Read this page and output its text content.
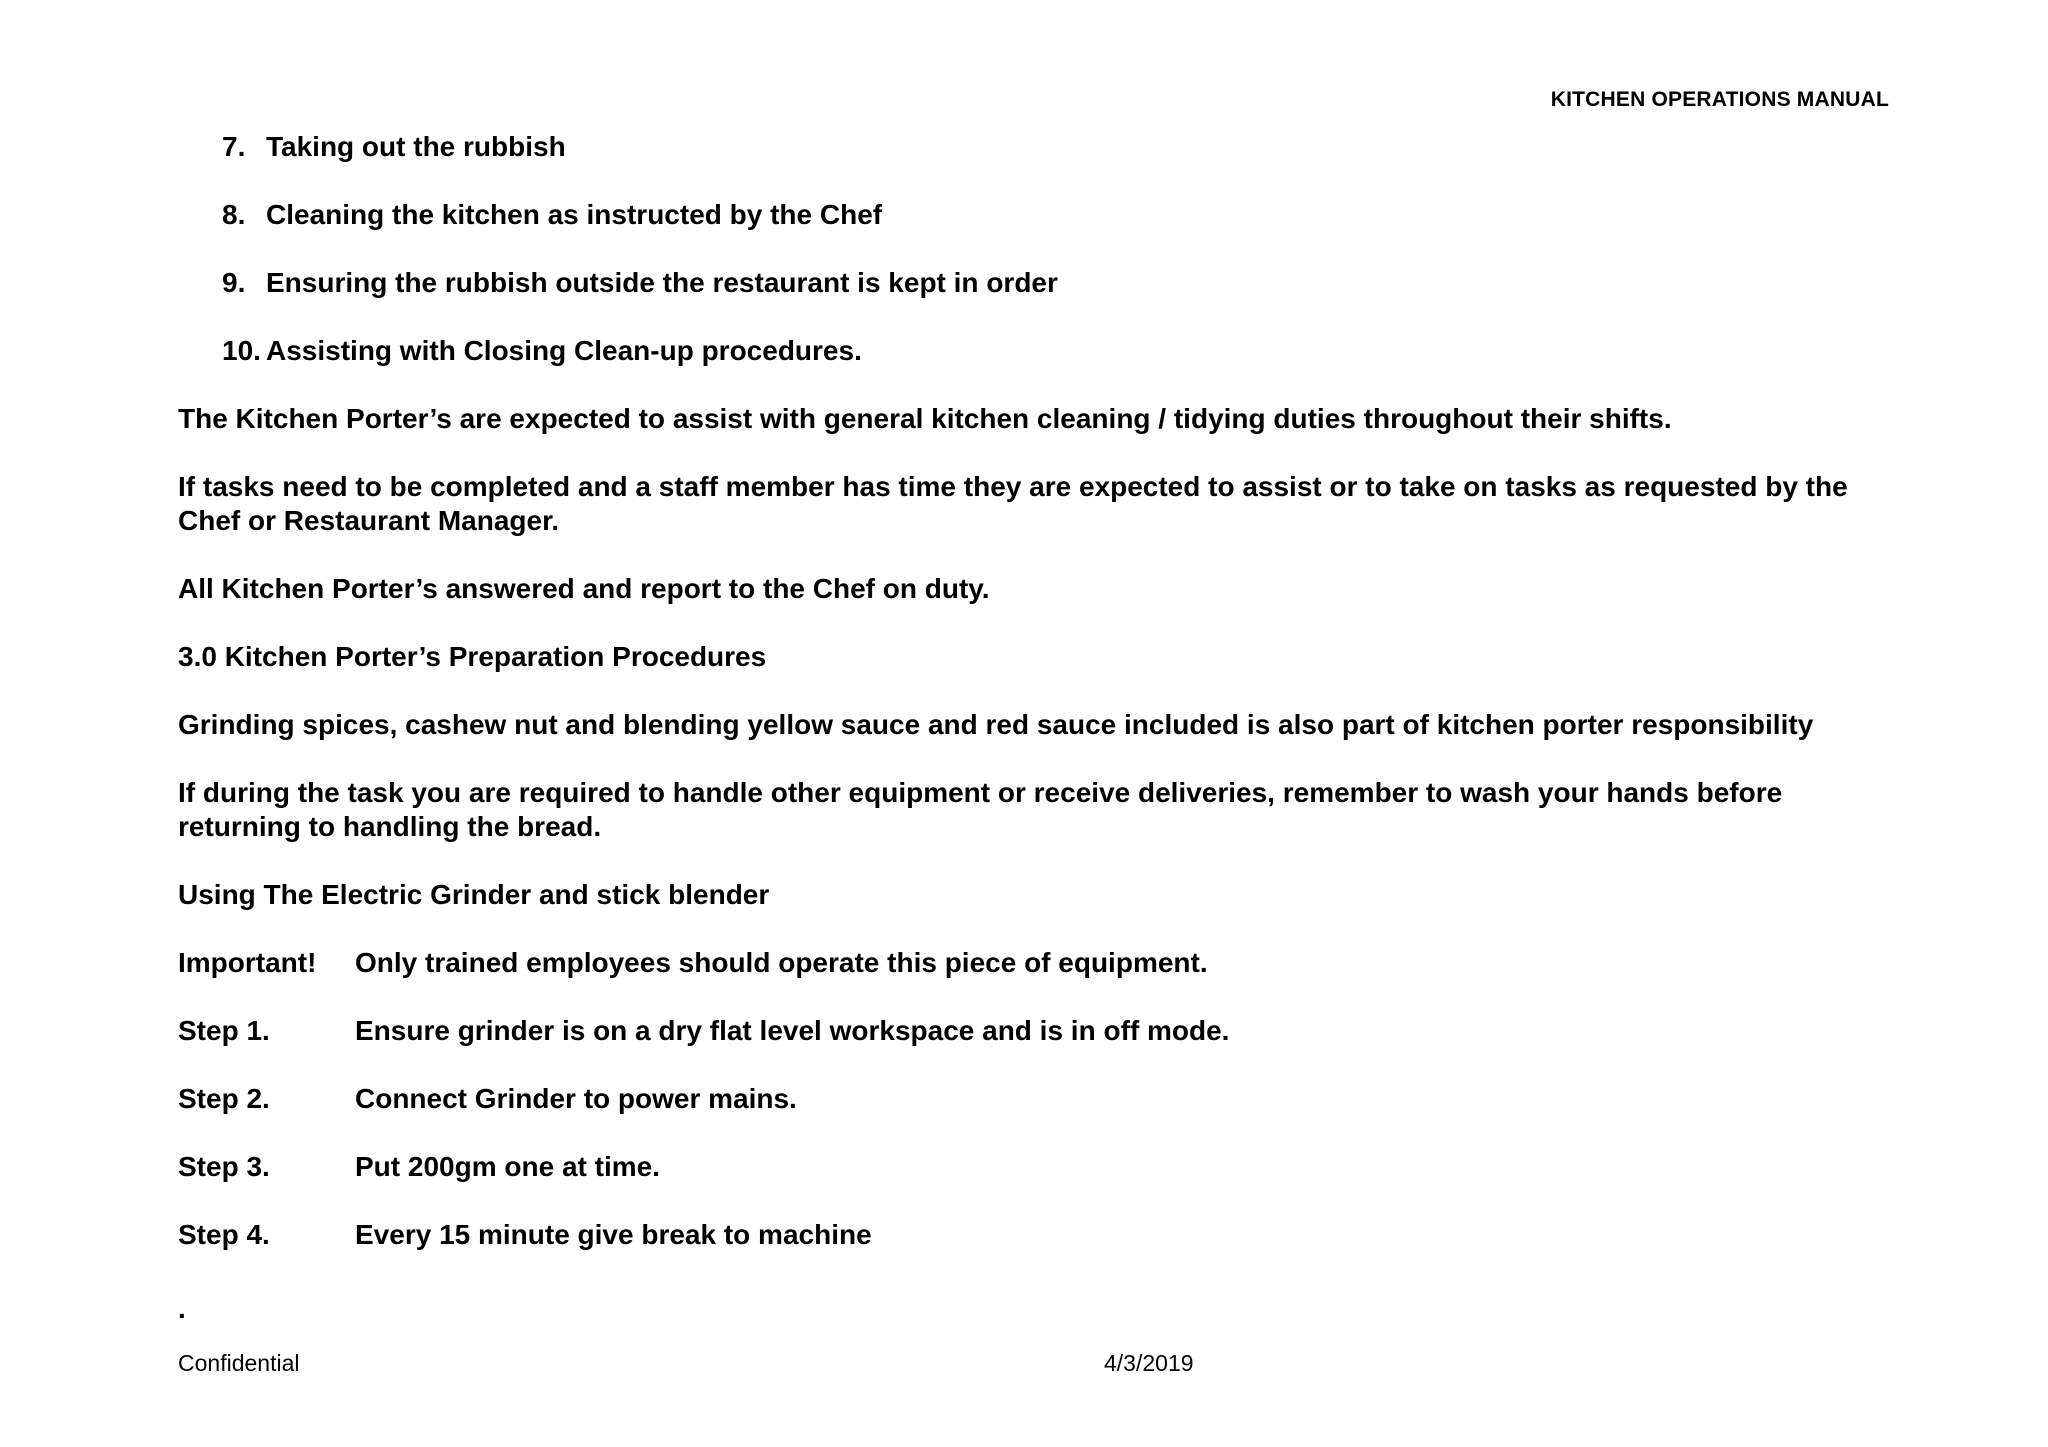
KITCHEN OPERATIONS MANUAL
7. Taking out the rubbish
8. Cleaning the kitchen as instructed by the Chef
9. Ensuring the rubbish outside the restaurant is kept in order
10. Assisting with Closing Clean-up procedures.

The Kitchen Porter’s are expected to assist with general kitchen cleaning / tidying duties throughout their shifts.

If tasks need to be completed and a staff member has time they are expected to assist or to take on tasks as requested by the Chef or Restaurant Manager.

All Kitchen Porter’s answered and report to the Chef on duty.

3.0 Kitchen Porter’s Preparation Procedures

Grinding spices, cashew nut and blending yellow sauce and red sauce included is also part of kitchen porter responsibility

If during the task you are required to handle other equipment or receive deliveries, remember to wash your hands before returning to handling the bread.

Using The Electric Grinder and stick blender

Important!	Only trained employees should operate this piece of equipment.
Step 1.	Ensure grinder is on a dry flat level workspace and is in off mode.
Step 2.	Connect Grinder to power mains.
Step 3.	Put 200gm one at time.
Step 4.	Every 15 minute give break to machine
.
Confidential	4/3/2019
